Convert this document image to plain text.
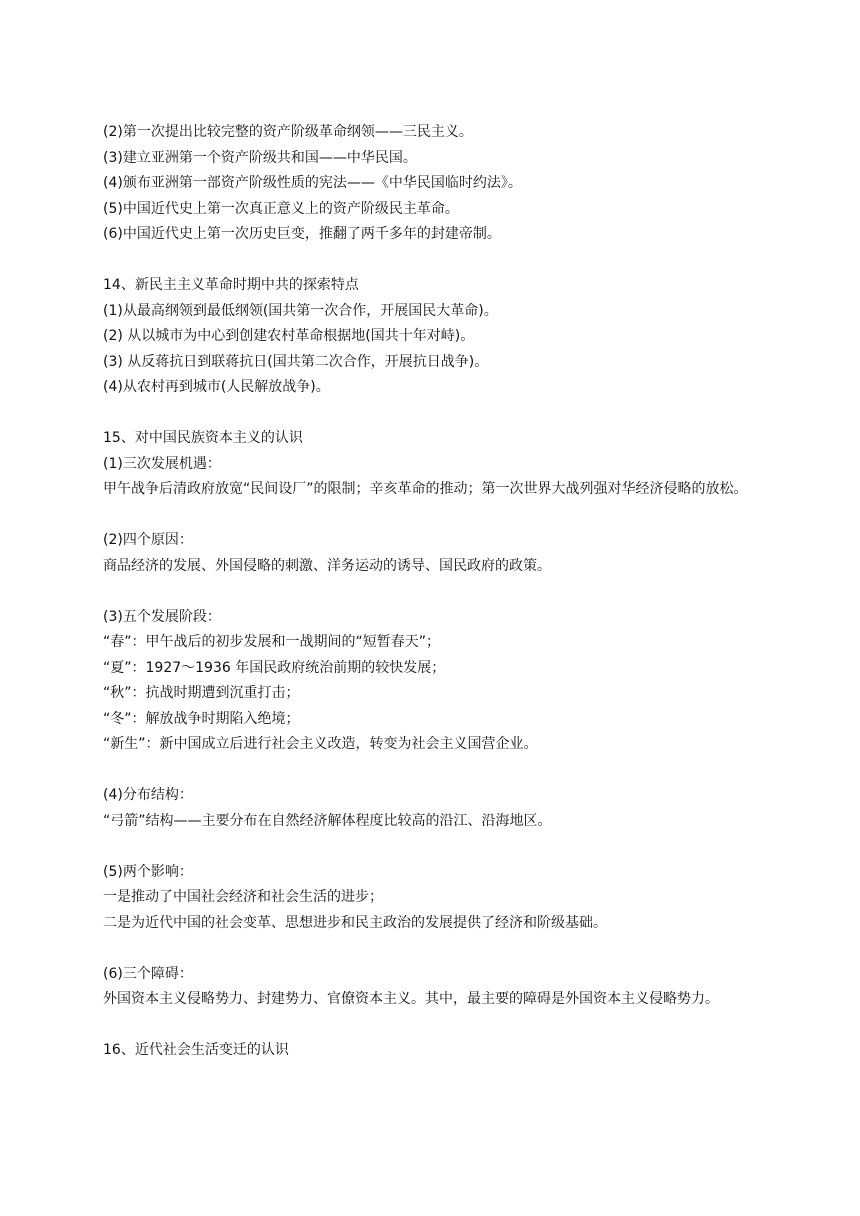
(2)第一次提出比较完整的资产阶级革命纲领——三民主义。
(3)建立亚洲第一个资产阶级共和国——中华民国。
(4)颁布亚洲第一部资产阶级性质的宪法——《中华民国临时约法》。
(5)中国近代史上第一次真正意义上的资产阶级民主革命。
(6)中国近代史上第一次历史巨变，推翻了两千多年的封建帝制。
14、新民主主义革命时期中共的探索特点
(1)从最高纲领到最低纲领(国共第一次合作，开展国民大革命)。
(2) 从以城市为中心到创建农村革命根据地(国共十年对峙)。
(3) 从反蒋抗日到联蒋抗日(国共第二次合作，开展抗日战争)。
(4)从农村再到城市(人民解放战争)。
15、对中国民族资本主义的认识
(1)三次发展机遇：
甲午战争后清政府放宽“民间设厂”的限制；辛亥革命的推动；第一次世界大战列强对华经济侵略的放松。
(2)四个原因：
商品经济的发展、外国侵略的刺激、洋务运动的诱导、国民政府的政策。
(3)五个发展阶段：
“春”：甲午战后的初步发展和一战期间的“短暂春天”；
“夏”：1927～1936 年国民政府统治前期的较快发展；
“秋”：抗战时期遭到沉重打击；
“冬”：解放战争时期陷入绝境；
“新生”：新中国成立后进行社会主义改造，转变为社会主义国营企业。
(4)分布结构：
“弓箭”结构——主要分布在自然经济解体程度比较高的沿江、沿海地区。
(5)两个影响：
一是推动了中国社会经济和社会生活的进步；
二是为近代中国的社会变革、思想进步和民主政治的发展提供了经济和阶级基础。
(6)三个障碍：
外国资本主义侵略势力、封建势力、官僚资本主义。其中，最主要的障碍是外国资本主义侵略势力。
16、近代社会生活变迁的认识
